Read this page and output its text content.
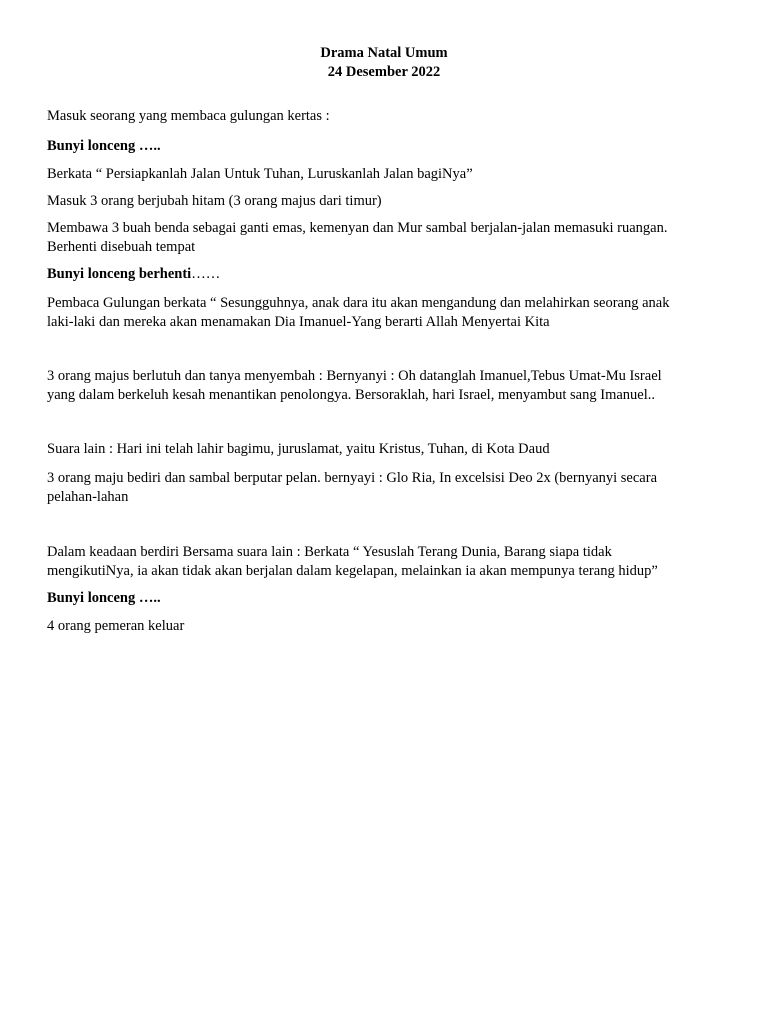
Drama Natal Umum
24 Desember 2022
Masuk seorang yang membaca gulungan kertas :
Bunyi lonceng …..
Berkata “ Persiapkanlah Jalan Untuk Tuhan, Luruskanlah Jalan bagiNya”
Masuk 3 orang berjubah hitam (3 orang majus dari timur)
Membawa 3 buah benda sebagai ganti emas, kemenyan dan Mur sambal berjalan-jalan memasuki ruangan.
Berhenti disebuah tempat
Bunyi lonceng berhenti……
Pembaca Gulungan berkata “ Sesungguhnya, anak dara itu akan mengandung dan melahirkan seorang anak
laki-laki dan mereka akan menamakan Dia Imanuel-Yang berarti Allah Menyertai Kita
3 orang majus berlutuh dan tanya menyembah : Bernyanyi : Oh datanglah Imanuel,Tebus Umat-Mu Israel
yang dalam berkeluh kesah menantikan penolongya. Bersoraklah, hari Israel, menyambut sang Imanuel..
Suara lain : Hari ini telah lahir bagimu, juruslamat, yaitu Kristus, Tuhan, di Kota Daud
3 orang maju bediri dan sambal berputar pelan. bernyayi : Glo Ria, In excelsisi Deo 2x (bernyanyi secara
pelahan-lahan
Dalam keadaan berdiri Bersama suara lain : Berkata “ Yesuslah Terang Dunia, Barang siapa tidak
mengikutiNya, ia akan tidak akan berjalan dalam kegelapan, melainkan ia akan mempunya terang hidup”
Bunyi lonceng …..
4 orang pemeran keluar
